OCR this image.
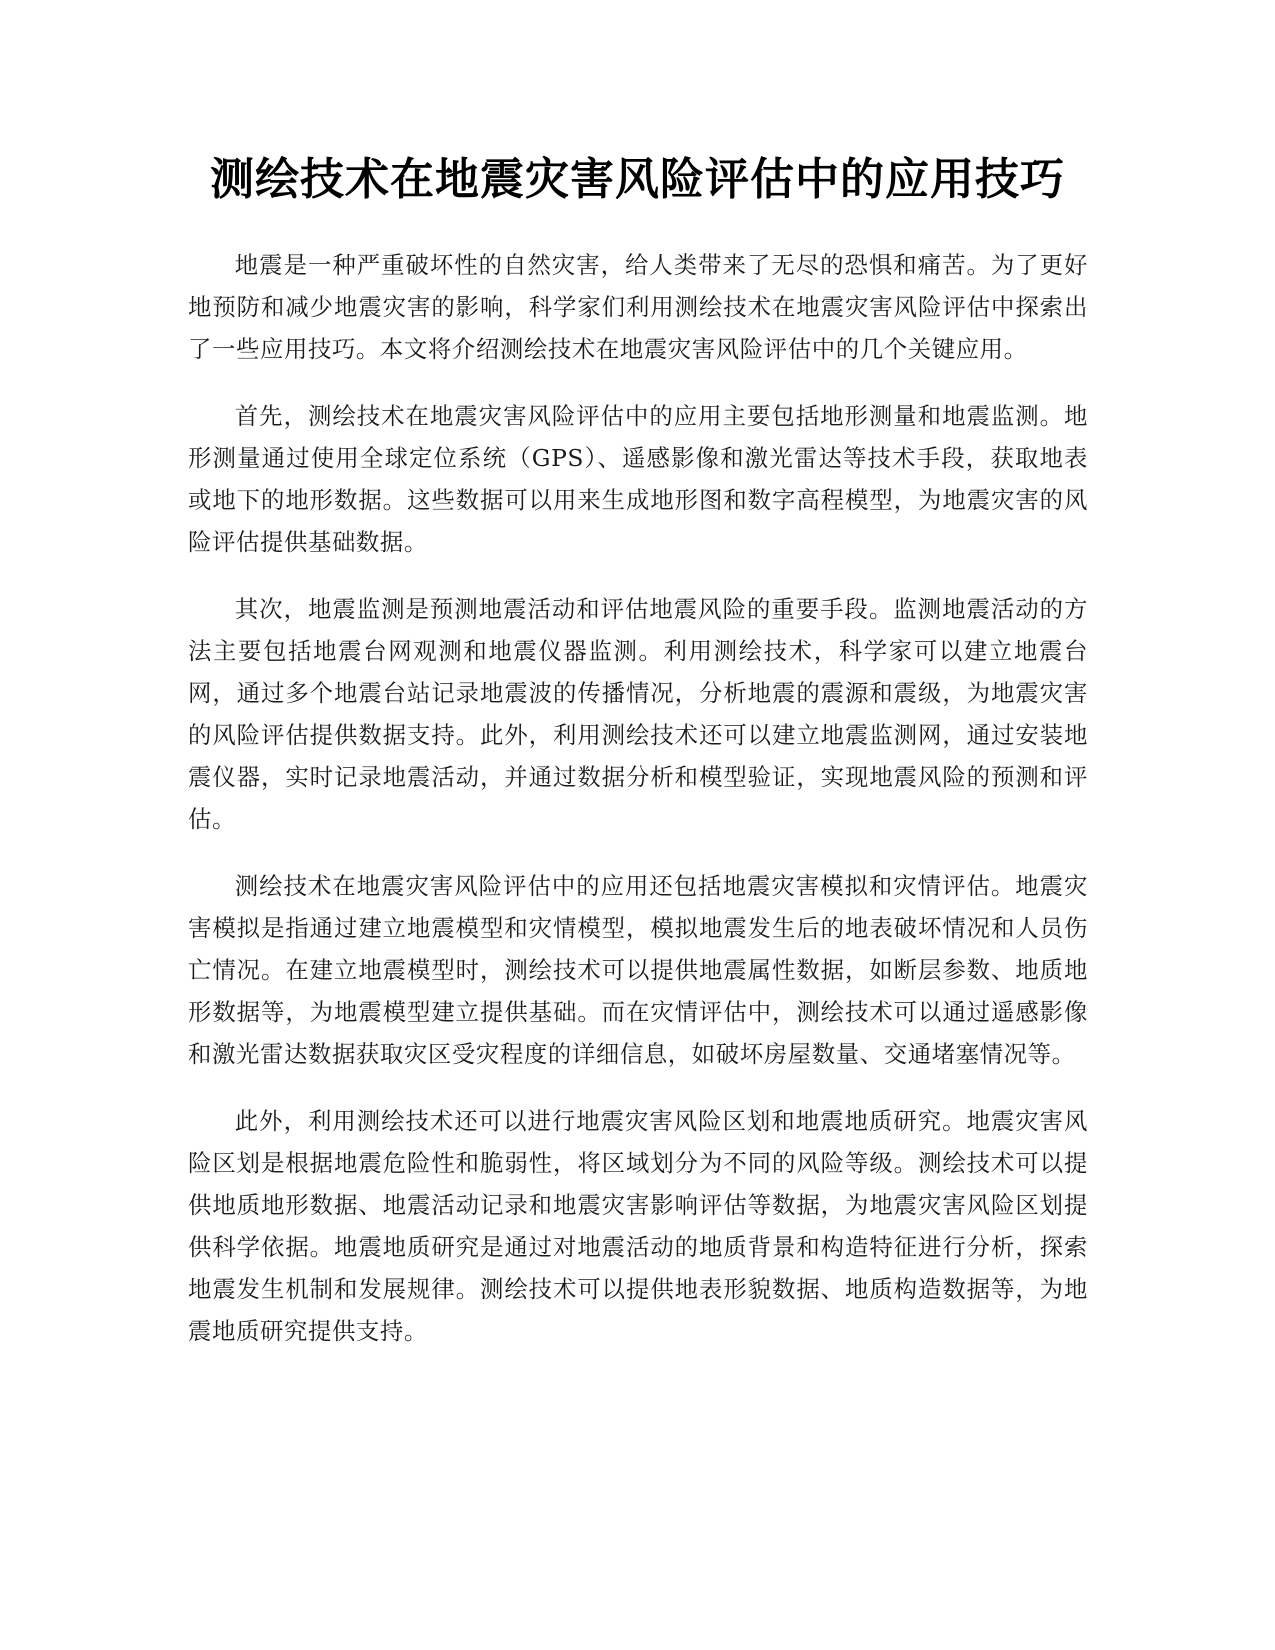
测绘技术在地震灾害风险评估中的应用技巧

地震是一种严重破坏性的自然灾害，给人类带来了无尽的恐惧和痛苦。为了更好地预防和减少地震灾害的影响，科学家们利用测绘技术在地震灾害风险评估中探索出了一些应用技巧。本文将介绍测绘技术在地震灾害风险评估中的几个关键应用。

首先，测绘技术在地震灾害风险评估中的应用主要包括地形测量和地震监测。地形测量通过使用全球定位系统（GPS）、遥感影像和激光雷达等技术手段，获取地表或地下的地形数据。这些数据可以用来生成地形图和数字高程模型，为地震灾害的风险评估提供基础数据。

其次，地震监测是预测地震活动和评估地震风险的重要手段。监测地震活动的方法主要包括地震台网观测和地震仪器监测。利用测绘技术，科学家可以建立地震台网，通过多个地震台站记录地震波的传播情况，分析地震的震源和震级，为地震灾害的风险评估提供数据支持。此外，利用测绘技术还可以建立地震监测网，通过安装地震仪器，实时记录地震活动，并通过数据分析和模型验证，实现地震风险的预测和评估。

测绘技术在地震灾害风险评估中的应用还包括地震灾害模拟和灾情评估。地震灾害模拟是指通过建立地震模型和灾情模型，模拟地震发生后的地表破坏情况和人员伤亡情况。在建立地震模型时，测绘技术可以提供地震属性数据，如断层参数、地质地形数据等，为地震模型建立提供基础。而在灾情评估中，测绘技术可以通过遥感影像和激光雷达数据获取灾区受灾程度的详细信息，如破坏房屋数量、交通堵塞情况等。

此外，利用测绘技术还可以进行地震灾害风险区划和地震地质研究。地震灾害风险区划是根据地震危险性和脆弱性，将区域划分为不同的风险等级。测绘技术可以提供地质地形数据、地震活动记录和地震灾害影响评估等数据，为地震灾害风险区划提供科学依据。地震地质研究是通过对地震活动的地质背景和构造特征进行分析，探索地震发生机制和发展规律。测绘技术可以提供地表形貌数据、地质构造数据等，为地震地质研究提供支持。
